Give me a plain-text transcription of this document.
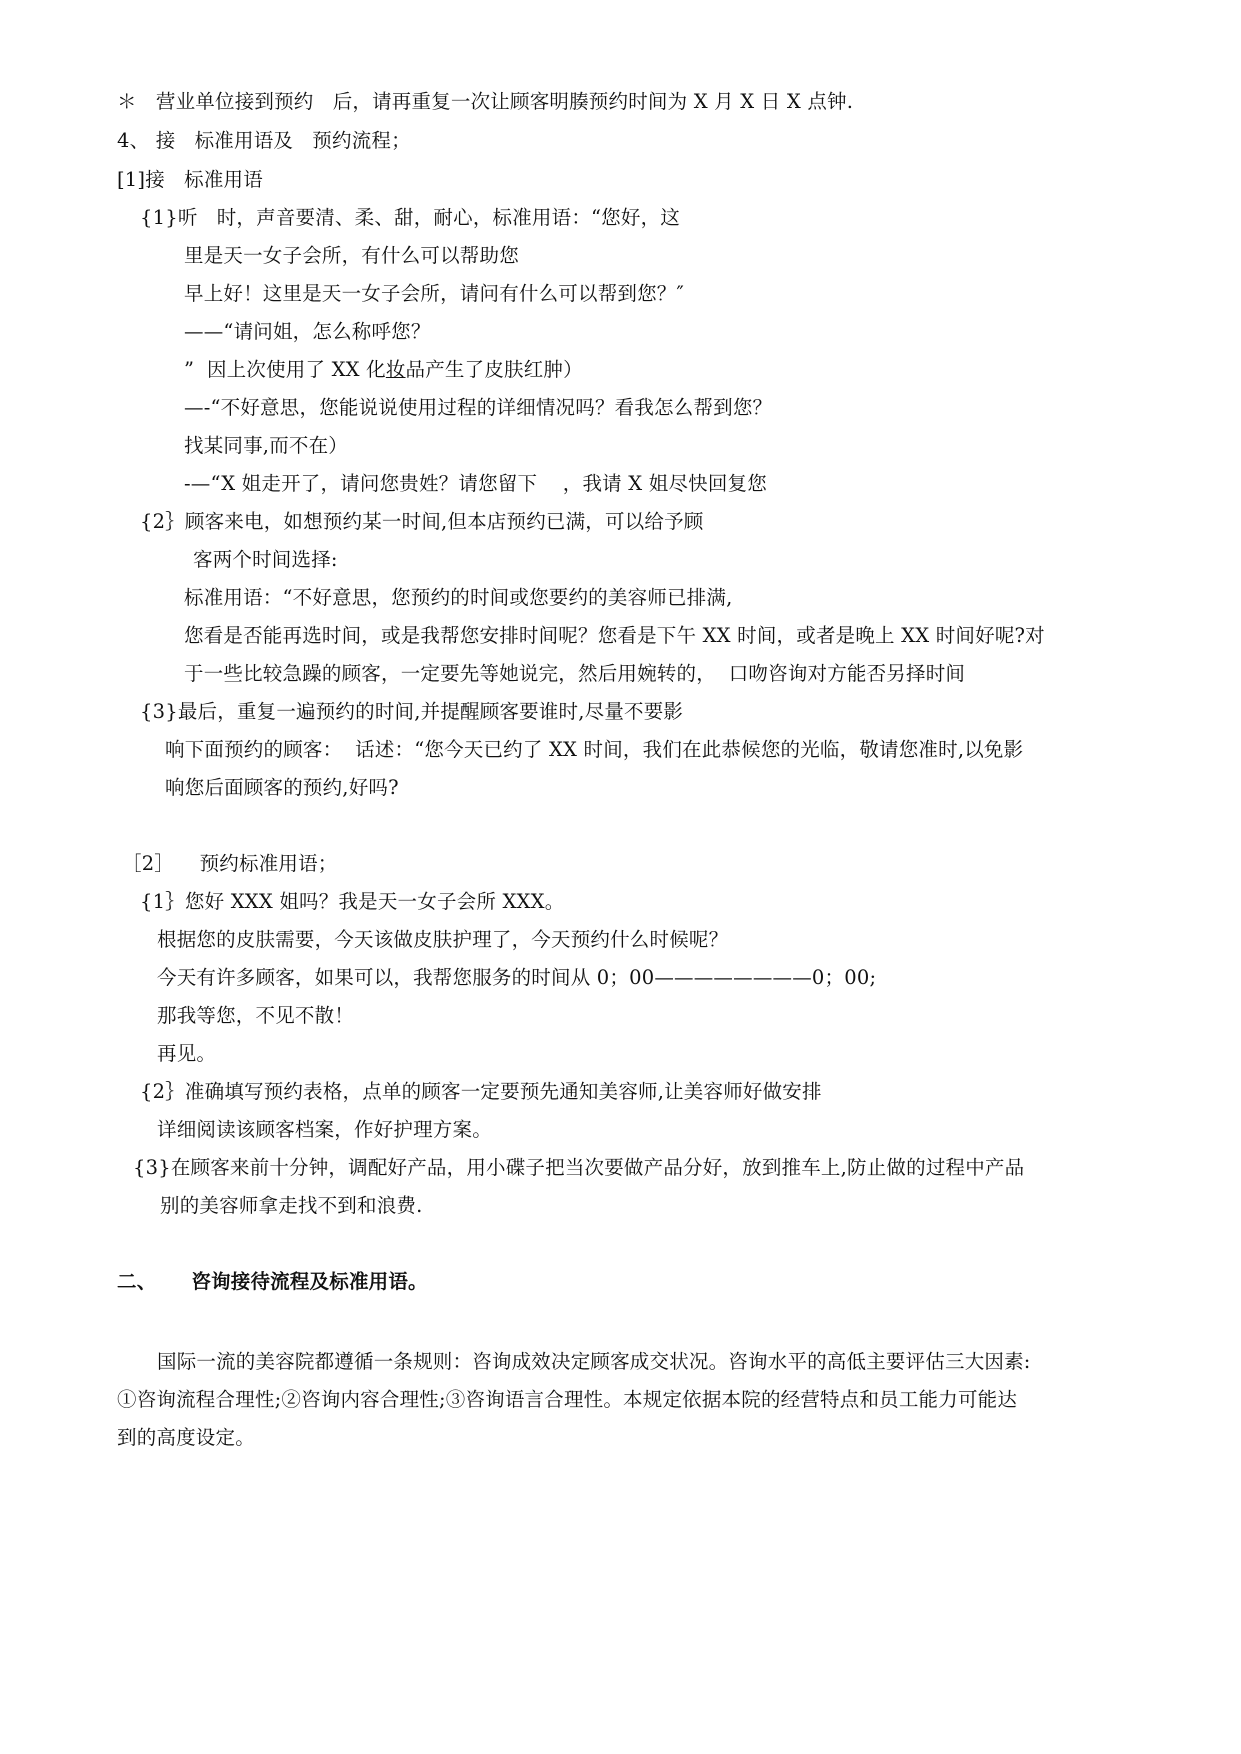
＊   营业单位接到预约   后，请再重复一次让顾客明腠预约时间为 X 月 X 日 X 点钟.
4、 接   标准用语及   预约流程；
[1]接   标准用语
{1}听   时，声音要清、柔、甜，耐心，标准用语：“您好，这
里是天一女子会所，有什么可以帮助您
早上好！这里是天一女子会所，请问有什么可以帮到您？″
——“请问姐，怎么称呼您？
”  因上次使用了 XX 化妆品产生了皮肤红肿）
—-“不好意思，您能说说使用过程的详细情况吗？看我怎么帮到您？
找某同事,而不在）
-—“X 姐走开了，请问您贵姓？请您留下    ，我请 X 姐尽快回复您
{2｝顾客来电，如想预约某一时间,但本店预约已满，可以给予顾
客两个时间选择:
标准用语：“不好意思，您预约的时间或您要约的美容师已排满,
您看是否能再选时间，或是我帮您安排时间呢？您看是下午 XX 时间，或者是晚上 XX 时间好呢?对
于一些比较急躁的顾客，一定要先等她说完，然后用婉转的，  口吻咨询对方能否另择时间
{3}最后，重复一遍预约的时间,并提醒顾客要谁时,尽量不要影
响下面预约的顾客：  话述：“您今天已约了 XX 时间，我们在此恭候您的光临，敬请您准时,以免影
响您后面顾客的预约,好吗?
［2］    预约标准用语；
{1｝您好 XXX 姐吗？我是天一女子会所 XXX。
根据您的皮肤需要，今天该做皮肤护理了，今天预约什么时候呢？
今天有许多顾客，如果可以，我帮您服务的时间从 0；00————————0；00;
那我等您，不见不散！
再见。
{2｝准确填写预约表格，点单的顾客一定要预先通知美容师,让美容师好做安排
详细阅读该顾客档案，作好护理方案。
{3}在顾客来前十分钟，调配好产品，用小碟子把当次要做产品分好，放到推车上,防止做的过程中产品
别的美容师拿走找不到和浪费.
二、     咨询接待流程及标准用语。
国际一流的美容院都遵循一条规则：咨询成效决定顾客成交状况。咨询水平的高低主要评估三大因素:
①咨询流程合理性;②咨询内容合理性;③咨询语言合理性。本规定依据本院的经营特点和员工能力可能达
到的高度设定。
